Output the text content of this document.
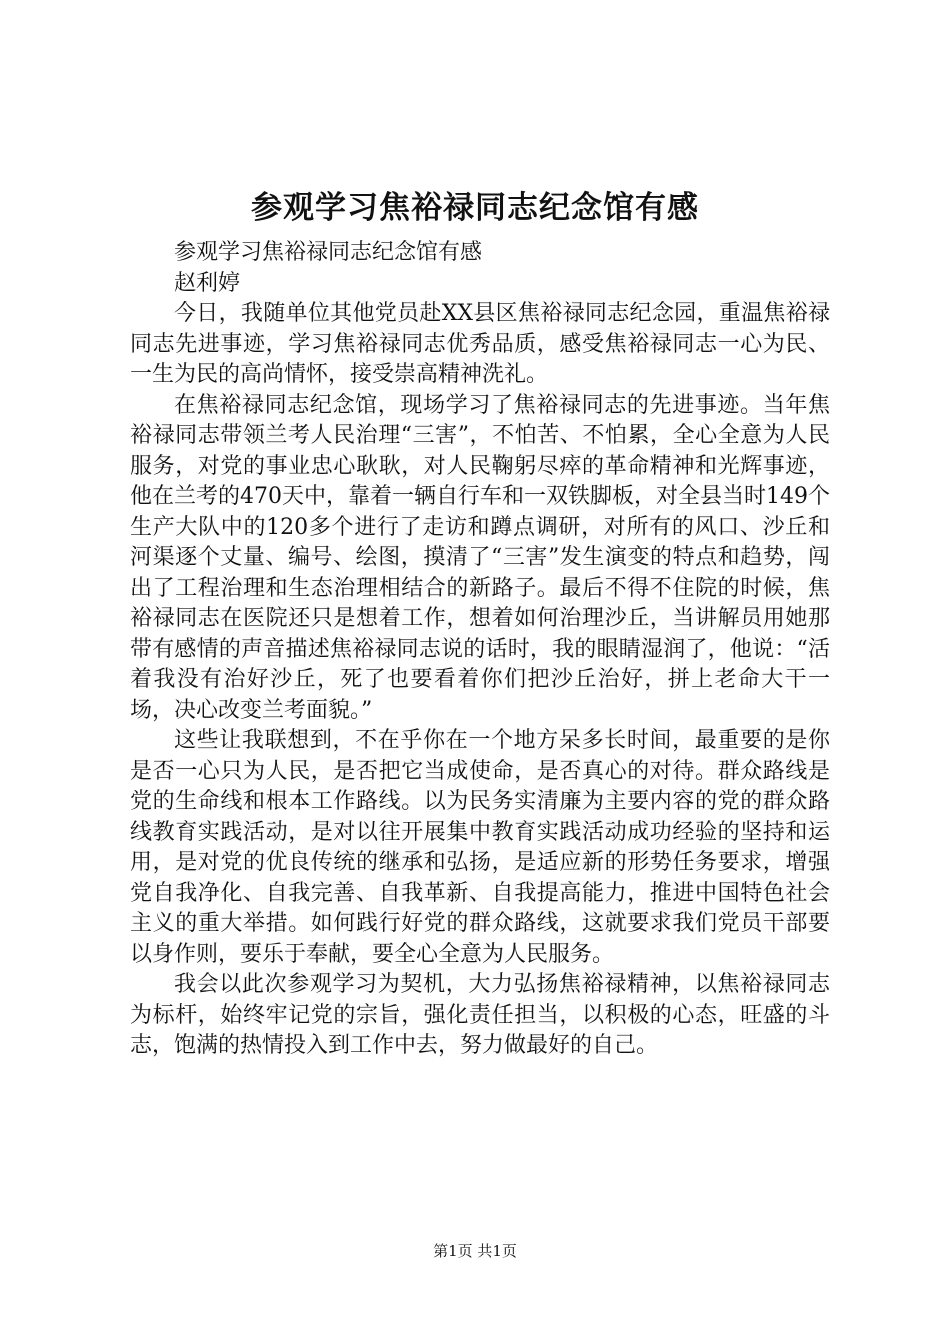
参观学习焦裕禄同志纪念馆有感

参观学习焦裕禄同志纪念馆有感

赵利婷

今日，我随单位其他党员赴XX县区焦裕禄同志纪念园，重温焦裕禄同志先进事迹，学习焦裕禄同志优秀品质，感受焦裕禄同志一心为民、一生为民的高尚情怀，接受崇高精神洗礼。

在焦裕禄同志纪念馆，现场学习了焦裕禄同志的先进事迹。当年焦裕禄同志带领兰考人民治理“三害”，不怕苦、不怕累，全心全意为人民服务，对党的事业忠心耿耿，对人民鞠躬尽瘁的革命精神和光辉事迹，他在兰考的470天中，靠着一辆自行车和一双铁脚板，对全县当时149个生产大队中的120多个进行了走访和蹲点调研，对所有的风口、沙丘和河渠逐个丈量、编号、绘图，摸清了“三害”发生演变的特点和趋势，闯出了工程治理和生态治理相结合的新路子。最后不得不住院的时候，焦裕禄同志在医院还只是想着工作，想着如何治理沙丘，当讲解员用她那带有感情的声音描述焦裕禄同志说的话时，我的眼睛湿润了，他说：“活着我没有治好沙丘，死了也要看着你们把沙丘治好，拼上老命大干一场，决心改变兰考面貌。”

这些让我联想到，不在乎你在一个地方呆多长时间，最重要的是你是否一心只为人民，是否把它当成使命，是否真心的对待。群众路线是党的生命线和根本工作路线。以为民务实清廉为主要内容的党的群众路线教育实践活动，是对以往开展集中教育实践活动成功经验的坚持和运用，是对党的优良传统的继承和弘扬，是适应新的形势任务要求，增强党自我净化、自我完善、自我革新、自我提高能力，推进中国特色社会主义的重大举措。如何践行好党的群众路线，这就要求我们党员干部要以身作则，要乐于奉献，要全心全意为人民服务。

我会以此次参观学习为契机，大力弘扬焦裕禄精神，以焦裕禄同志为标杆，始终牢记党的宗旨，强化责任担当，以积极的心态，旺盛的斗志，饱满的热情投入到工作中去，努力做最好的自己。

第1页 共1页
